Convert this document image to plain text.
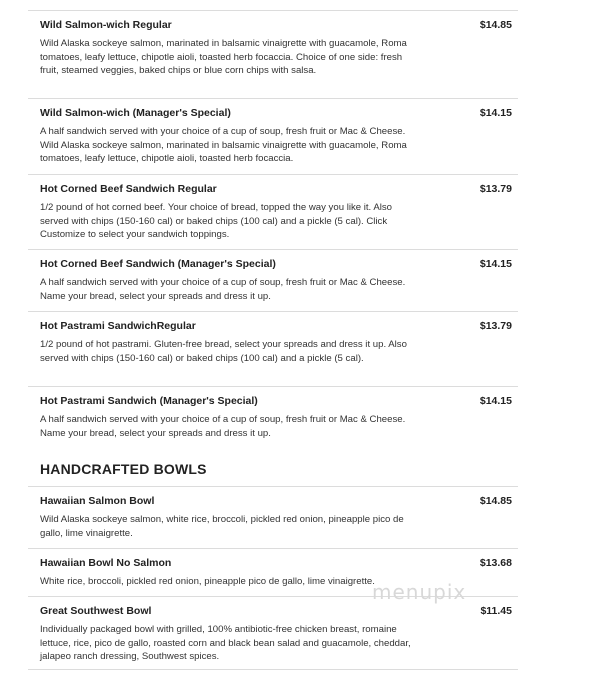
Wild Salmon-wich Regular	$14.85
Wild Alaska sockeye salmon, marinated in balsamic vinaigrette with guacamole, Roma tomatoes, leafy lettuce, chipotle aioli, toasted herb focaccia. Choice of one side: fresh fruit, steamed veggies, baked chips or blue corn chips with salsa.
Wild Salmon-wich (Manager's Special)	$14.15
A half sandwich served with your choice of a cup of soup, fresh fruit or Mac & Cheese. Wild Alaska sockeye salmon, marinated in balsamic vinaigrette with guacamole, Roma tomatoes, leafy lettuce, chipotle aioli, toasted herb focaccia.
Hot Corned Beef Sandwich Regular	$13.79
1/2 pound of hot corned beef. Your choice of bread, topped the way you like it. Also served with chips (150-160 cal) or baked chips (100 cal) and a pickle (5 cal). Click Customize to select your sandwich toppings.
Hot Corned Beef Sandwich (Manager's Special)	$14.15
A half sandwich served with your choice of a cup of soup, fresh fruit or Mac & Cheese. Name your bread, select your spreads and dress it up.
Hot Pastrami SandwichRegular	$13.79
1/2 pound of hot pastrami. Gluten-free bread, select your spreads and dress it up. Also served with chips (150-160 cal) or baked chips (100 cal) and a pickle (5 cal).
Hot Pastrami Sandwich (Manager's Special)	$14.15
A half sandwich served with your choice of a cup of soup, fresh fruit or Mac & Cheese. Name your bread, select your spreads and dress it up.
HANDCRAFTED BOWLS
Hawaiian Salmon Bowl	$14.85
Wild Alaska sockeye salmon, white rice, broccoli, pickled red onion, pineapple pico de gallo, lime vinaigrette.
Hawaiian Bowl No Salmon	$13.68
White rice, broccoli, pickled red onion, pineapple pico de gallo, lime vinaigrette.
Great Southwest Bowl	$11.45
Individually packaged bowl with grilled, 100% antibiotic-free chicken breast, romaine lettuce, rice, pico de gallo, roasted corn and black bean salad and guacamole, cheddar, jalapeo ranch dressing, Southwest spices.
menupix
